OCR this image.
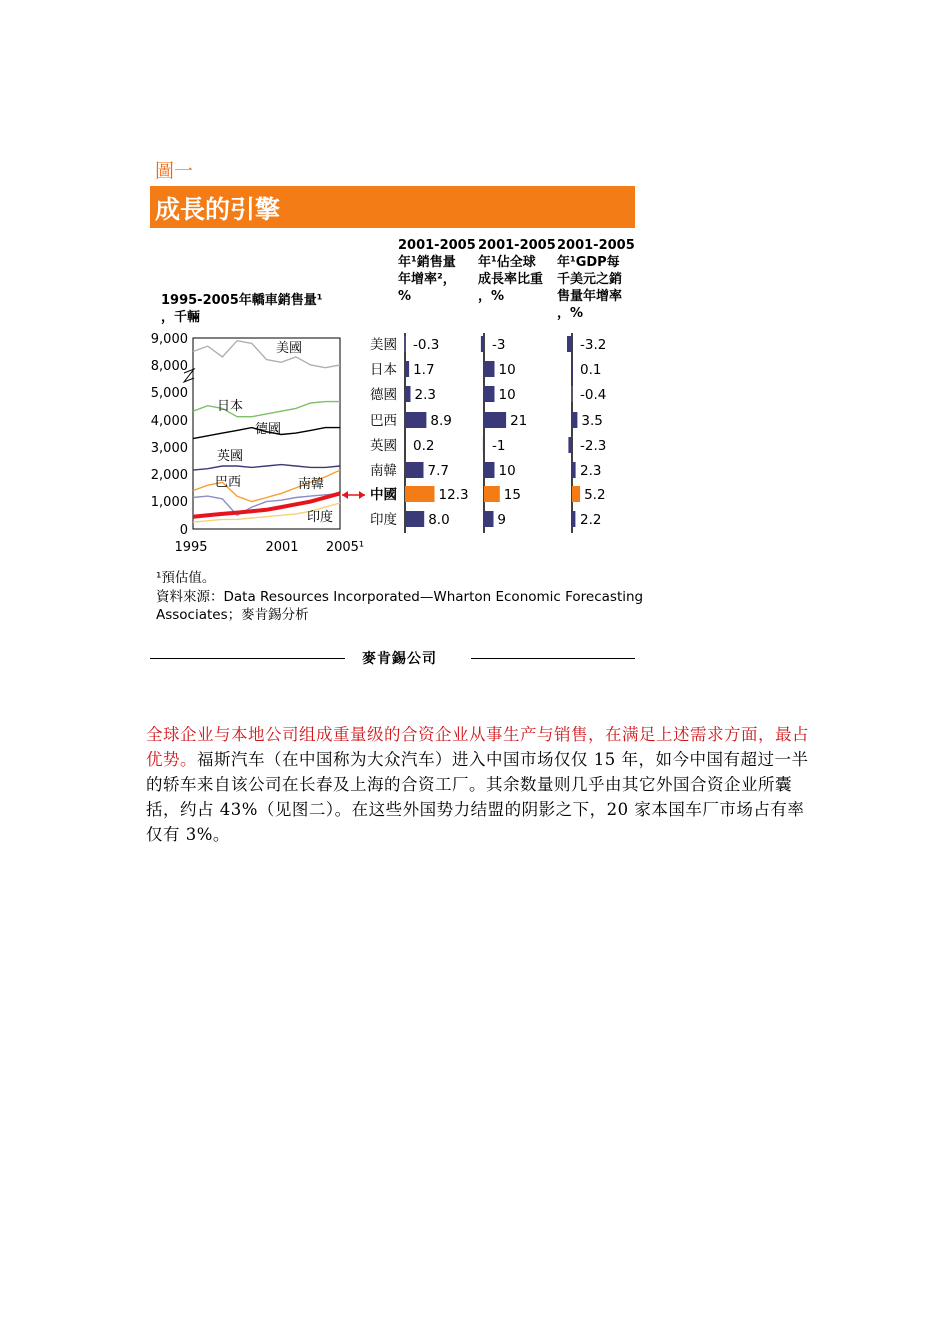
圖一
成長的引擎
2001-2005
年¹銷售量
年增率²，
%
2001-2005
年¹佔全球
成長率比重
，%
2001-2005
年¹GDP每
千美元之銷
售量年增率
，%
1995-2005年轎車銷售量¹
，千輛
9,000
8,000
5,000
4,000
3,000
2,000
1,000
0
1995	2001 2005¹
美國
日本
德國
英國
巴西	南韓
印度
美國
日本
德國
巴西
英國
南韓
中國
印度
-0.3
1.7
2.3
8.9
0.2
7.7
12.3
8.0
-3
10
10
21
-1
10
15
9
-3.2
0.1
-0.4
3.5
-2.3
2.3
5.2
2.2
¹預估值。
資料來源：Data Resources Incorporated—Wharton Economic Forecasting
Associates；麥肯錫分析
麥肯錫公司
全球企业与本地公司组成重量级的合资企业从事生产与销售，在满足上述需求方面，最占优势。福斯汽车（在中国称为大众汽车）进入中国市场仅仅 15 年，如今中国有超过一半的轿车来自该公司在长春及上海的合资工厂。其余数量则几乎由其它外国合资企业所囊括，约占 43%（见图二）。在这些外国势力结盟的阴影之下，20 家本国车厂市场占有率仅有 3%。
